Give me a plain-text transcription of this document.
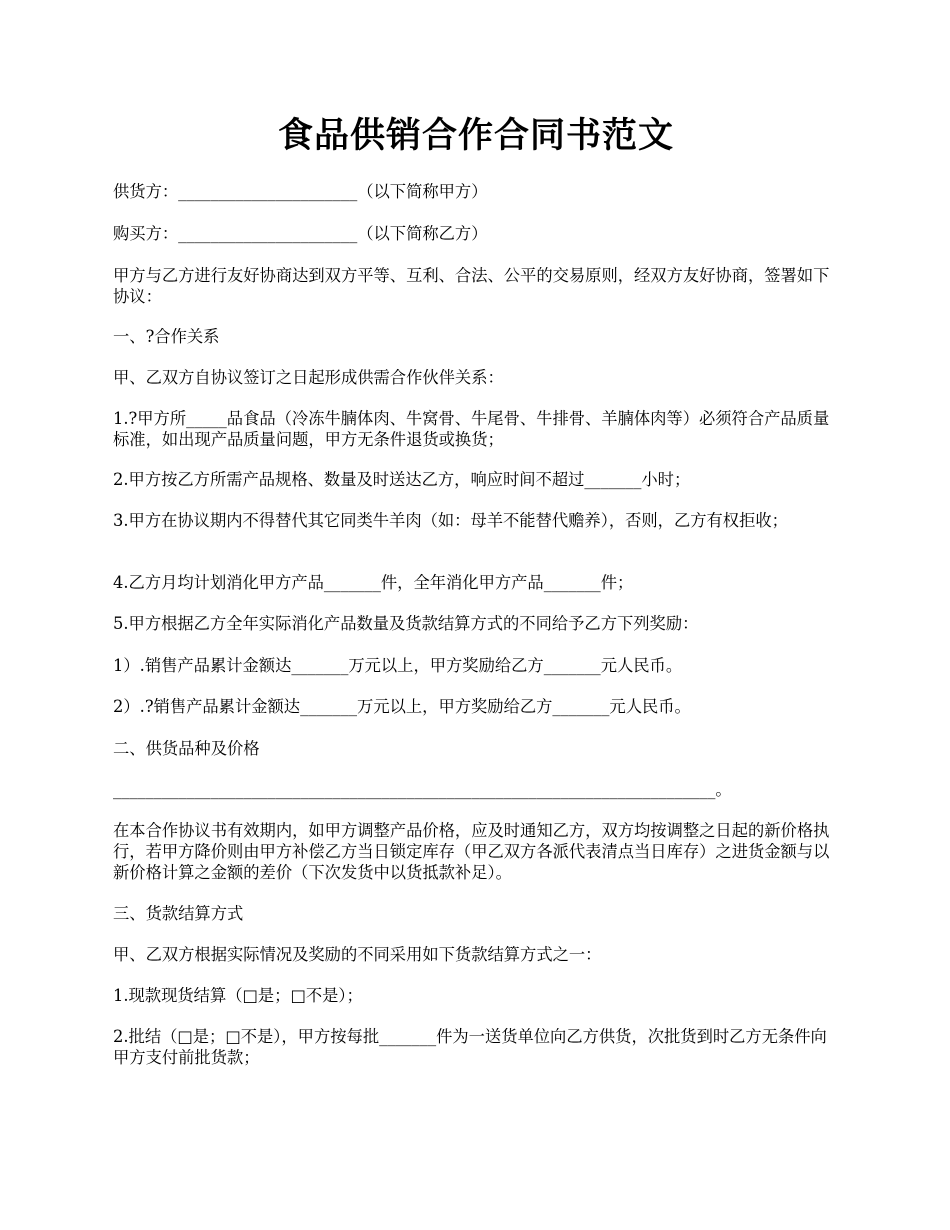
食品供销合作合同书范文
供货方：______________________（以下简称甲方）
购买方：______________________（以下简称乙方）
甲方与乙方进行友好协商达到双方平等、互利、合法、公平的交易原则，经双方友好协商，签署如下协议：
一、?合作关系
甲、乙双方自协议签订之日起形成供需合作伙伴关系：
1.?甲方所_____品食品（冷冻牛腩体肉、牛窝骨、牛尾骨、牛排骨、羊腩体肉等）必须符合产品质量标准，如出现产品质量问题，甲方无条件退货或换货；
2.甲方按乙方所需产品规格、数量及时送达乙方，响应时间不超过_______小时；
3.甲方在协议期内不得替代其它同类牛羊肉（如：母羊不能替代赡养），否则，乙方有权拒收；
4.乙方月均计划消化甲方产品_______件，全年消化甲方产品_______件；
5.甲方根据乙方全年实际消化产品数量及货款结算方式的不同给予乙方下列奖励：
1）.销售产品累计金额达_______万元以上，甲方奖励给乙方_______元人民币。
2）.?销售产品累计金额达_______万元以上，甲方奖励给乙方_______元人民币。
二、供货品种及价格
__________________________________________________________________________。
在本合作协议书有效期内，如甲方调整产品价格，应及时通知乙方，双方均按调整之日起的新价格执行，若甲方降价则由甲方补偿乙方当日锁定库存（甲乙双方各派代表清点当日库存）之进货金额与以新价格计算之金额的差价（下次发货中以货抵款补足）。
三、货款结算方式
甲、乙双方根据实际情况及奖励的不同采用如下货款结算方式之一：
1.现款现货结算（□是；□不是）；
2.批结（□是；□不是），甲方按每批_______件为一送货单位向乙方供货，次批货到时乙方无条件向甲方支付前批货款；
